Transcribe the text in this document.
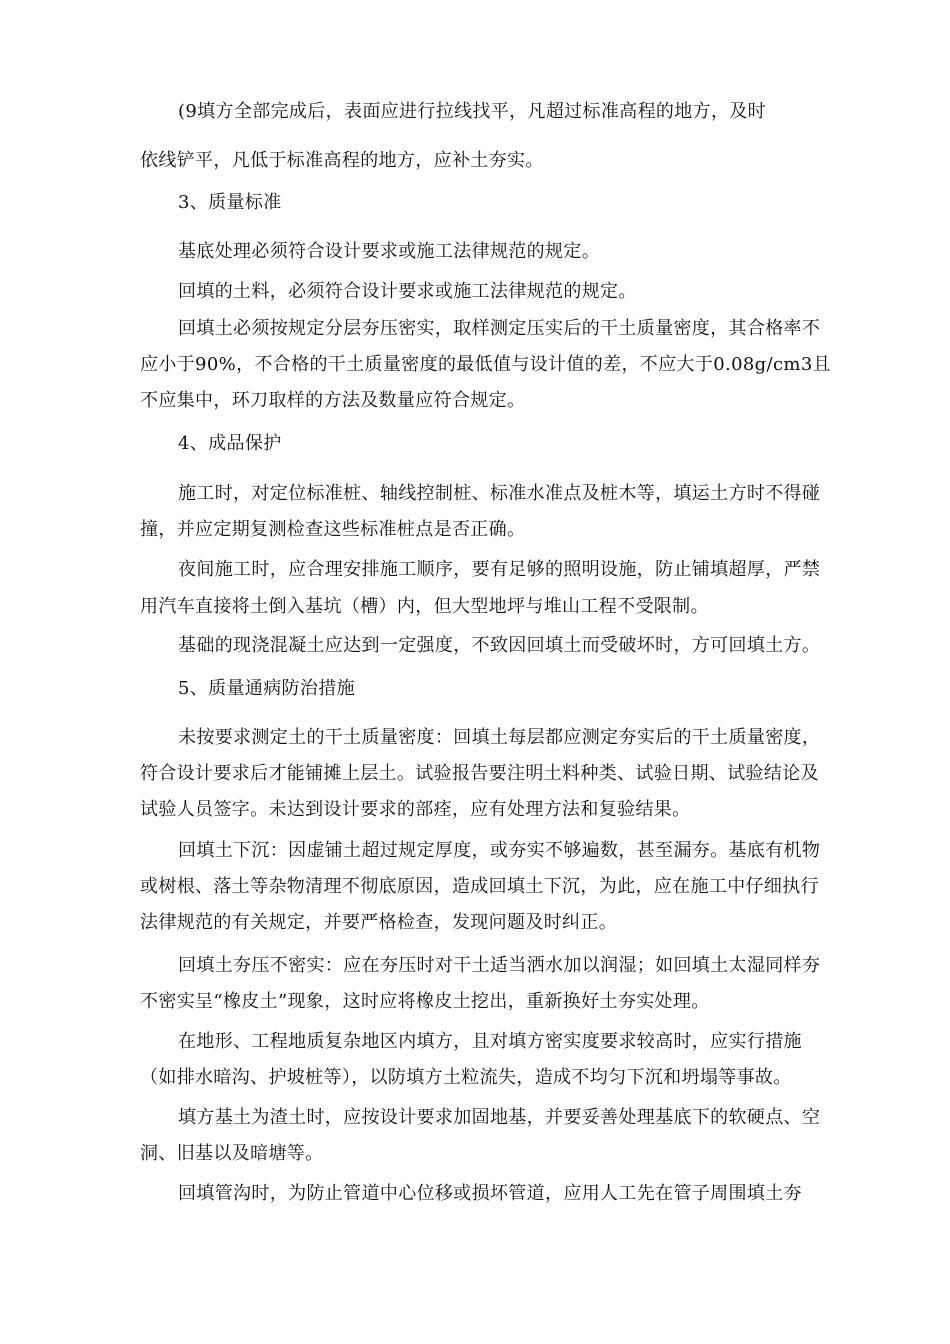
(9填方全部完成后，表面应进行拉线找平，凡超过标准高程的地方，及时
依线铲平，凡低于标准高程的地方，应补土夯实。
3、质量标准
基底处理必须符合设计要求或施工法律规范的规定。
回填的土料，必须符合设计要求或施工法律规范的规定。
回填土必须按规定分层夯压密实，取样测定压实后的干土质量密度，其合格率不
应小于90%，不合格的干土质量密度的最低值与设计值的差，不应大于0.08g/cm3且
不应集中，环刀取样的方法及数量应符合规定。
4、成品保护
施工时，对定位标准桩、轴线控制桩、标准水准点及桩木等，填运土方时不得碰
撞，并应定期复测检查这些标准桩点是否正确。
夜间施工时，应合理安排施工顺序，要有足够的照明设施，防止铺填超厚，严禁
用汽车直接将土倒入基坑（槽）内，但大型地坪与堆山工程不受限制。
基础的现浇混凝土应达到一定强度，不致因回填土而受破坏时，方可回填土方。
5、质量通病防治措施
未按要求测定土的干土质量密度：回填土每层都应测定夯实后的干土质量密度，
符合设计要求后才能铺摊上层土。试验报告要注明土料种类、试验日期、试验结论及
试验人员签字。未达到设计要求的部痊，应有处理方法和复验结果。
回填土下沉：因虚铺土超过规定厚度，或夯实不够遍数，甚至漏夯。基底有机物
或树根、落土等杂物清理不彻底原因，造成回填土下沉，为此，应在施工中仔细执行
法律规范的有关规定，并要严格检查，发现问题及时纠正。
回填土夯压不密实：应在夯压时对干土适当洒水加以润湿；如回填土太湿同样夯
不密实呈“橡皮土”现象，这时应将橡皮土挖出，重新换好土夯实处理。
在地形、工程地质复杂地区内填方，且对填方密实度要求较高时，应实行措施
（如排水暗沟、护坡桩等），以防填方土粒流失，造成不均匀下沉和坍塌等事故。
填方基土为渣土时，应按设计要求加固地基，并要妥善处理基底下的软硬点、空
洞、旧基以及暗塘等。
回填管沟时，为防止管道中心位移或损坏管道，应用人工先在管子周围填土夯
